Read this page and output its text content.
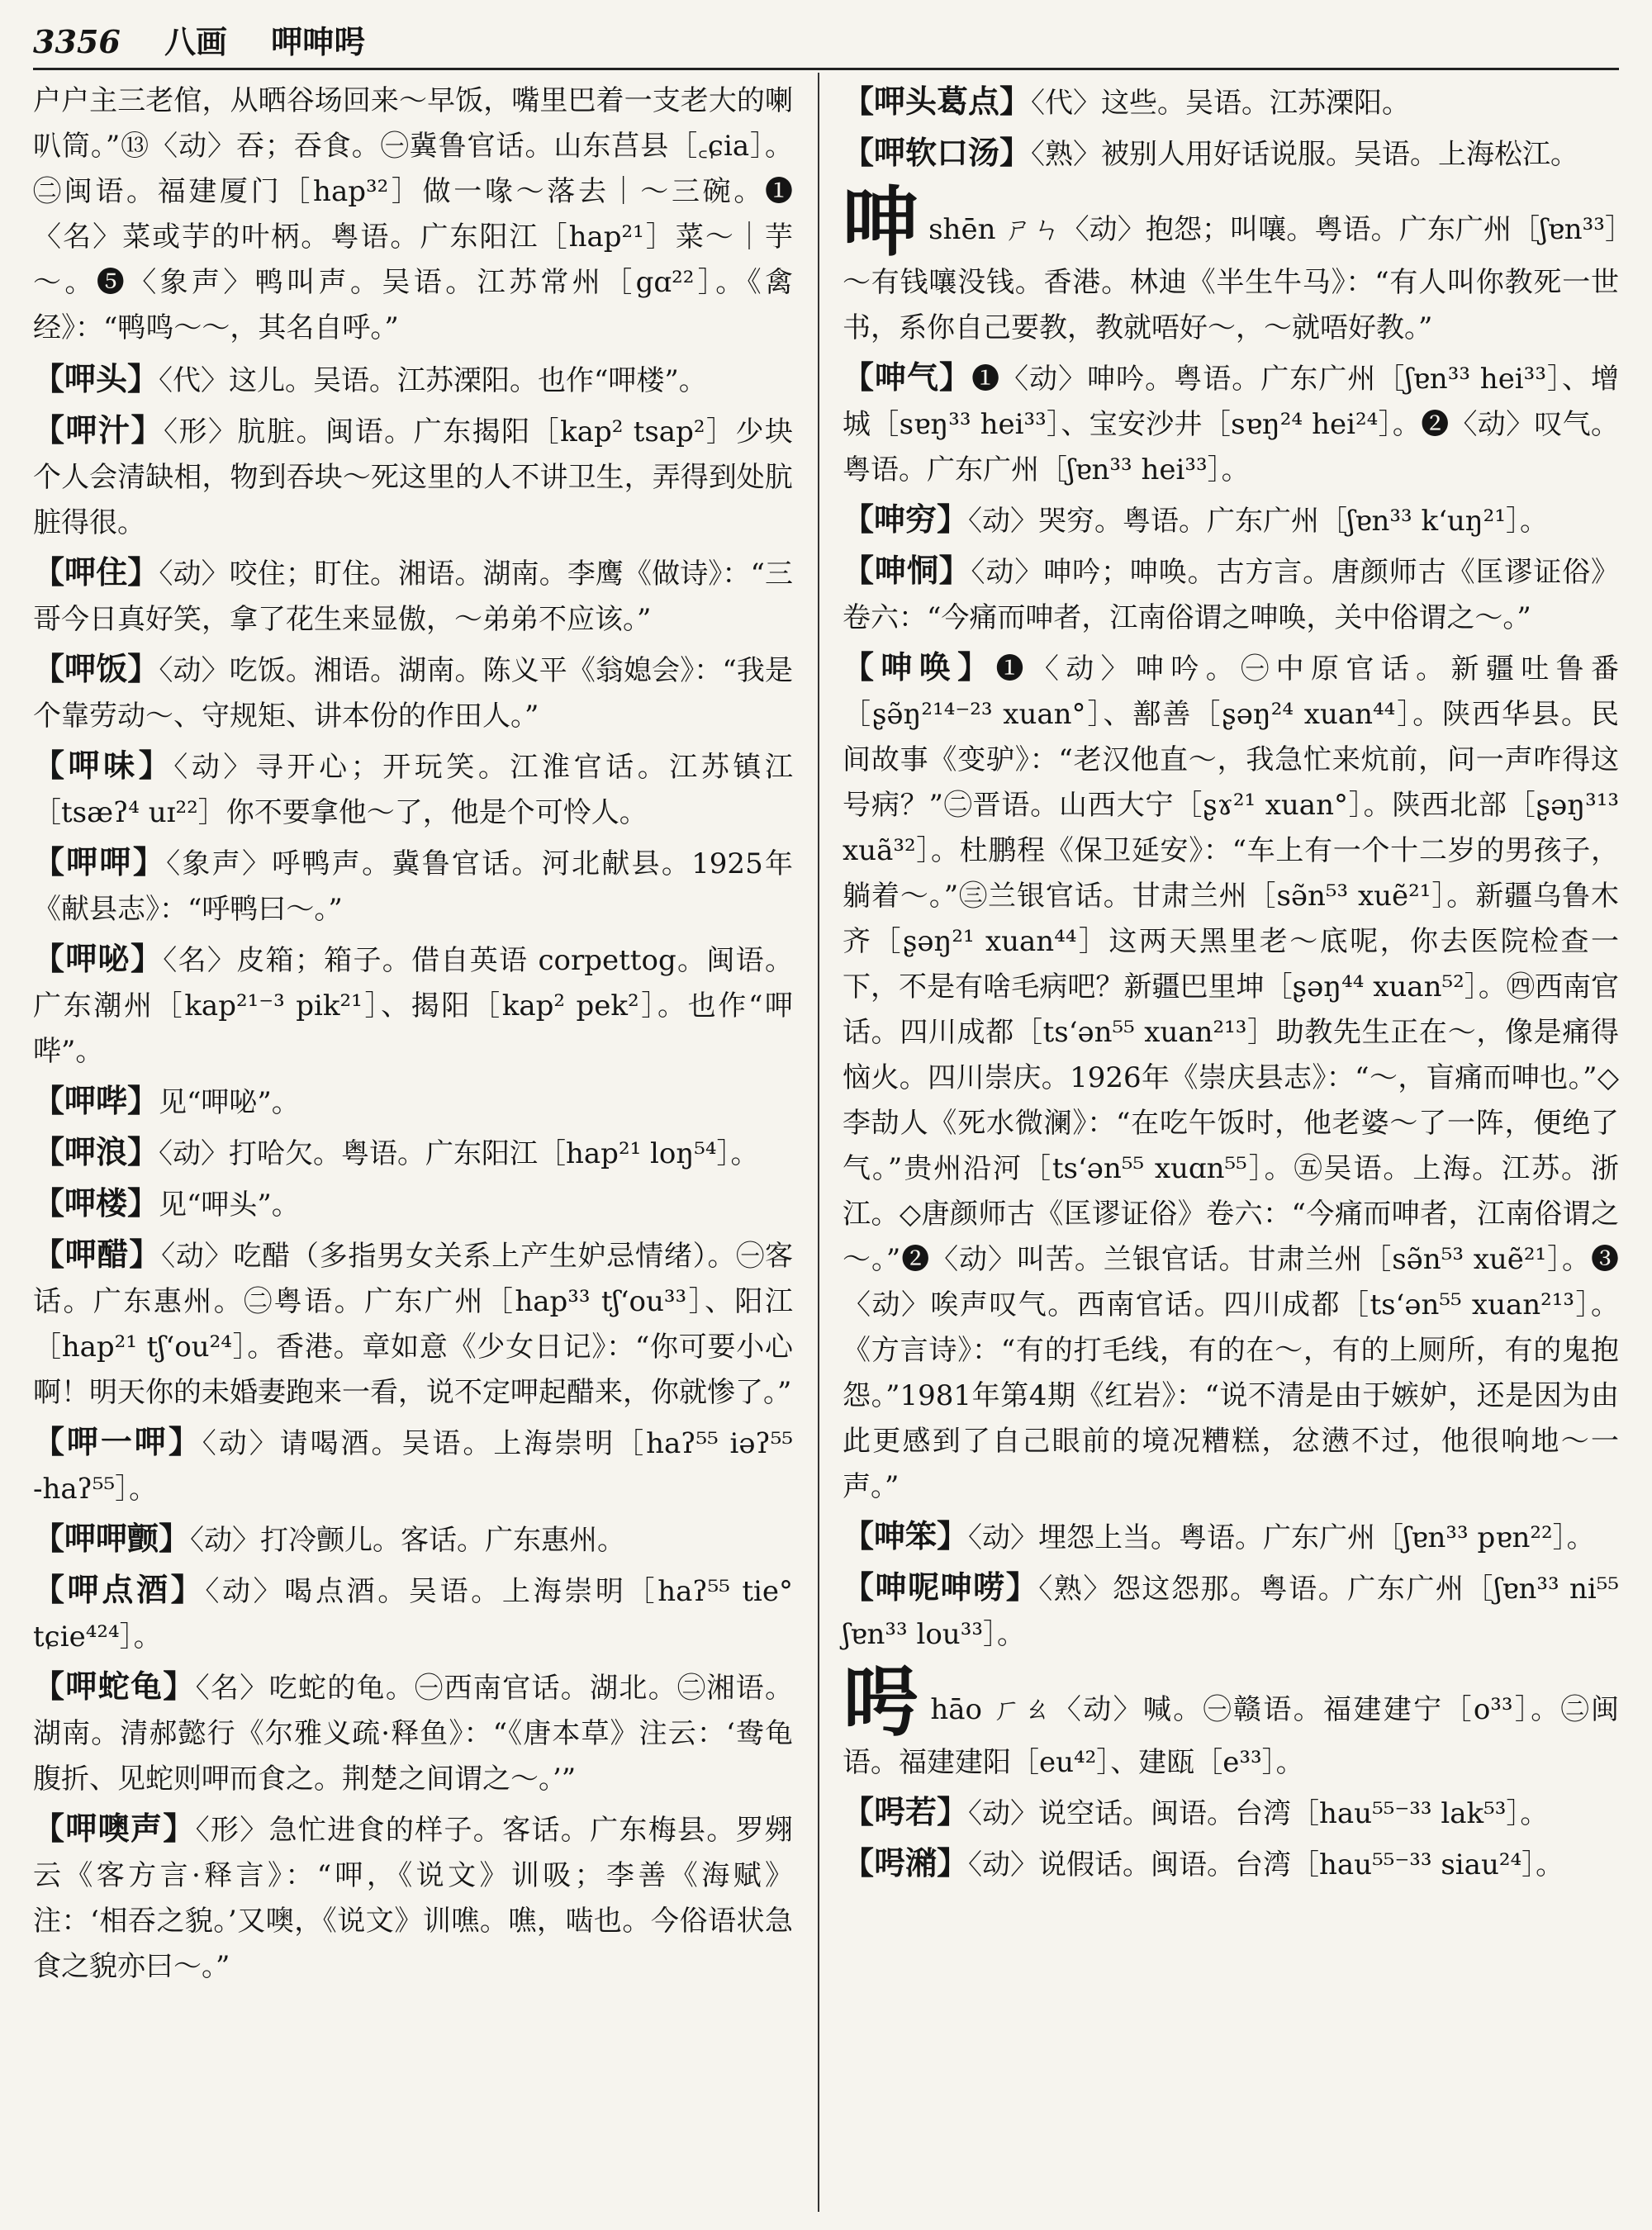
3356 八画 呷呻呺

户户主三老倌，从晒谷场回来～早饭，嘴里巴着一支老大的喇叭筒。”⑬〈动〉吞；吞食。㊀冀鲁官话。山东莒县［꜀ɕia］。㊁闽语。福建厦门［hap³²］做一喙～落去｜～三碗。❶〈名〉菜或芋的叶柄。粤语。广东阳江［hap²¹］菜～｜芋～。❺〈象声〉鸭叫声。吴语。江苏常州［gɑ²²］。《禽经》：“鸭鸣～～，其名自呼。”

【呷头】〈代〉这儿。吴语。江苏溧阳。也作“呷楼”。

【呷汁】〈形〉肮脏。闽语。广东揭阳［kap² tsap²］少块个人会清缺相，物到吞块～死这里的人不讲卫生，弄得到处肮脏得很。

【呷住】〈动〉咬住；盯住。湘语。湖南。李鹰《做诗》：“三哥今日真好笑，拿了花生来显傲，～弟弟不应该。”

【呷饭】〈动〉吃饭。湘语。湖南。陈义平《翁媳会》：“我是个靠劳动～、守规矩、讲本份的作田人。”

【呷味】〈动〉寻开心；开玩笑。江淮官话。江苏镇江［tsæʔ⁴ uɪ²²］你不要拿他～了，他是个可怜人。

【呷呷】〈象声〉呼鸭声。冀鲁官话。河北献县。1925年《献县志》：“呼鸭曰～。”

【呷咇】〈名〉皮箱；箱子。借自英语 corpettog。闽语。广东潮州［kap²¹⁻³ pik²¹］、揭阳［kap² pek²］。也作“呷哔”。

【呷哔】见“呷咇”。

【呷浪】〈动〉打哈欠。粤语。广东阳江［hap²¹ loŋ⁵⁴］。

【呷楼】见“呷头”。

【呷醋】〈动〉吃醋（多指男女关系上产生妒忌情绪）。㊀客话。广东惠州。㊁粤语。广东广州［hap³³ tʃʻou³³］、阳江［hap²¹ tʃʻou²⁴］。香港。章如意《少女日记》：“你可要小心啊！明天你的未婚妻跑来一看，说不定呷起醋来，你就惨了。”

【呷一呷】〈动〉请喝酒。吴语。上海崇明［haʔ⁵⁵ iəʔ⁵⁵ ‑haʔ⁵⁵］。

【呷呷颤】〈动〉打冷颤儿。客话。广东惠州。

【呷点酒】〈动〉喝点酒。吴语。上海崇明［haʔ⁵⁵ tie° tɕie⁴²⁴］。

【呷蛇龟】〈名〉吃蛇的龟。㊀西南官话。湖北。㊁湘语。湖南。清郝懿行《尔雅义疏·释鱼》：“《唐本草》注云：‘鸯龟腹折、见蛇则呷而食之。荆楚之间谓之～。’”

【呷噢声】〈形〉急忙进食的样子。客话。广东梅县。罗翙云《客方言·释言》：“呷，《说文》训吸；李善《海赋》注：‘相吞之貌。’又噢，《说文》训噍。噍，啮也。今俗语状急食之貌亦曰～。”

【呷头葛点】〈代〉这些。吴语。江苏溧阳。

【呷软口汤】〈熟〉被别人用好话说服。吴语。上海松江。

呻shēn ㄕㄣ〈动〉抱怨；叫嚷。粤语。广东广州［ʃɐn³³］～有钱嚷没钱。香港。林迪《半生牛马》：“有人叫你教死一世书，系你自己要教，教就唔好～，～就唔好教。”

【呻气】❶〈动〉呻吟。粤语。广东广州［ʃɐn³³ hei³³］、增城［sɐŋ³³ hei³³］、宝安沙井［sɐŋ²⁴ hei²⁴］。❷〈动〉叹气。粤语。广东广州［ʃɐn³³ hei³³］。

【呻穷】〈动〉哭穷。粤语。广东广州［ʃɐn³³ kʻuŋ²¹］。

【呻恫】〈动〉呻吟；呻唤。古方言。唐颜师古《匡谬证俗》卷六：“今痛而呻者，江南俗谓之呻唤，关中俗谓之～。”

【呻唤】❶〈动〉呻吟。㊀中原官话。新疆吐鲁番［ʂə̃ŋ²¹⁴⁻²³ xuan°］、鄯善［ʂəŋ²⁴ xuan⁴⁴］。陕西华县。民间故事《变驴》：“老汉他直～，我急忙来炕前，问一声咋得这号病？”㊁晋语。山西大宁［ʂɤ²¹ xuan°］。陕西北部［ʂəŋ³¹³ xuã³²］。杜鹏程《保卫延安》：“车上有一个十二岁的男孩子，躺着～。”㊂兰银官话。甘肃兰州［sə̃n⁵³ xuẽ²¹］。新疆乌鲁木齐［ʂəŋ²¹ xuan⁴⁴］这两天黑里老～底呢，你去医院检查一下，不是有啥毛病吧？新疆巴里坤［ʂəŋ⁴⁴ xuan⁵²］。㊃西南官话。四川成都［tsʻən⁵⁵ xuan²¹³］助教先生正在～，像是痛得恼火。四川崇庆。1926年《崇庆县志》：“～，盲痛而呻也。”◇李劼人《死水微澜》：“在吃午饭时，他老婆～了一阵，便绝了气。”贵州沿河［tsʻən⁵⁵ xuɑn⁵⁵］。㊄吴语。上海。江苏。浙江。◇唐颜师古《匡谬证俗》卷六：“今痛而呻者，江南俗谓之～。”❷〈动〉叫苦。兰银官话。甘肃兰州［sə̃n⁵³ xuẽ²¹］。❸〈动〉唉声叹气。西南官话。四川成都［tsʻən⁵⁵ xuan²¹³］。《方言诗》：“有的打毛线，有的在～，有的上厕所，有的鬼抱怨。”1981年第4期《红岩》：“说不清是由于嫉妒，还是因为由此更感到了自己眼前的境况糟糕，忿懑不过，他很响地～一声。”

【呻笨】〈动〉埋怨上当。粤语。广东广州［ʃɐn³³ pɐn²²］。

【呻呢呻唠】〈熟〉怨这怨那。粤语。广东广州［ʃɐn³³ ni⁵⁵ ʃɐn³³ lou³³］。

呺hāo ㄏㄠ〈动〉喊。㊀赣语。福建建宁［o³³］。㊁闽语。福建建阳［eu⁴²］、建瓯［e³³］。

【呺若】〈动〉说空话。闽语。台湾［hau⁵⁵⁻³³ lak⁵³］。

【呺潲】〈动〉说假话。闽语。台湾［hau⁵⁵⁻³³ siau²⁴］。
